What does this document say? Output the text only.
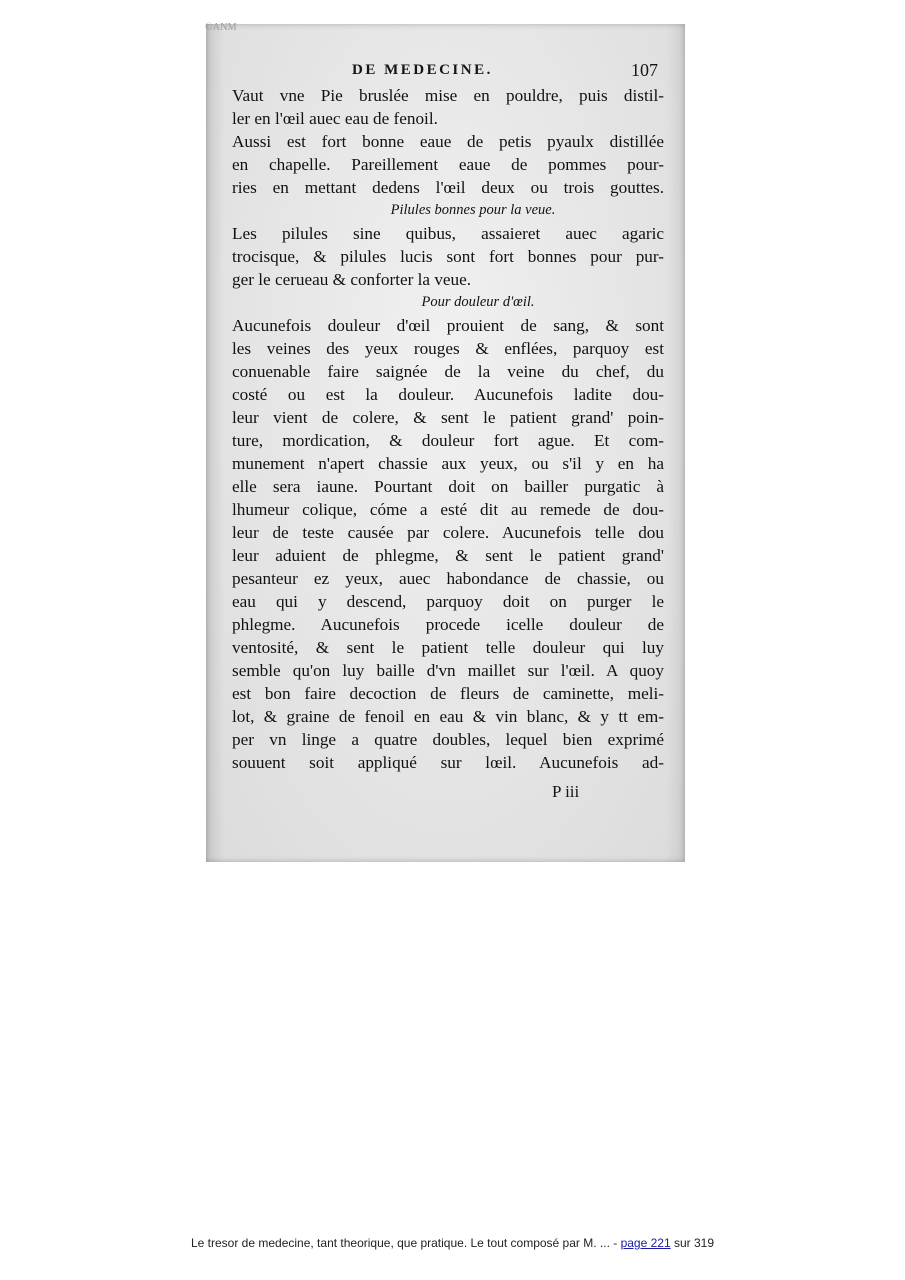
©ANM
DE MEDECINE.	107
Vaut vne Pie bruslée mise en pouldre, puis distil-
ler en l'œil auec eau de fenoil.
Aussi est fort bonne eaue de petis pyaulx distillée
en chapelle. Pareillement eaue de pommes pour-
ries en mettant dedens l'œil deux ou trois gouttes.
Pilules bonnes pour la veue.
Les pilules sine quibus, assaieret auec agaric
trocisque, & pilules lucis sont fort bonnes pour pur-
ger le cerueau & conforter la veue.
Pour douleur d'œil.
Aucunefois douleur d'œil prouient de sang, & sont
les veines des yeux rouges & enflées, parquoy est
conuenable faire saignée de la veine du chef, du
costé ou est la douleur. Aucunefois ladite dou-
leur vient de colere, & sent le patient grand' poin-
ture, mordication, & douleur fort ague. Et com-
munement n'apert chassie aux yeux, ou s'il y en ha
elle sera iaune. Pourtant doit on bailler purgatic à
lhumeur colique, cóme a esté dit au remede de dou-
leur de teste causée par colere. Aucunefois telle dou
leur aduient de phlegme, & sent le patient grand'
pesanteur ez yeux, auec habondance de chassie, ou
eau qui y descend, parquoy doit on purger le
phlegme. Aucunefois procede icelle douleur de
ventosité, & sent le patient telle douleur qui luy
semble qu'on luy baille d'vn maillet sur l'œil. A quoy
est bon faire decoction de fleurs de caminette, meli-
lot, & graine de fenoil en eau & vin blanc, & y tt em-
per vn linge a quatre doubles, lequel bien exprimé
souuent soit appliqué sur lœil. Aucunefois ad-
P iii
Le tresor de medecine, tant theorique, que pratique. Le tout composé par M. ... - page 221 sur 319
